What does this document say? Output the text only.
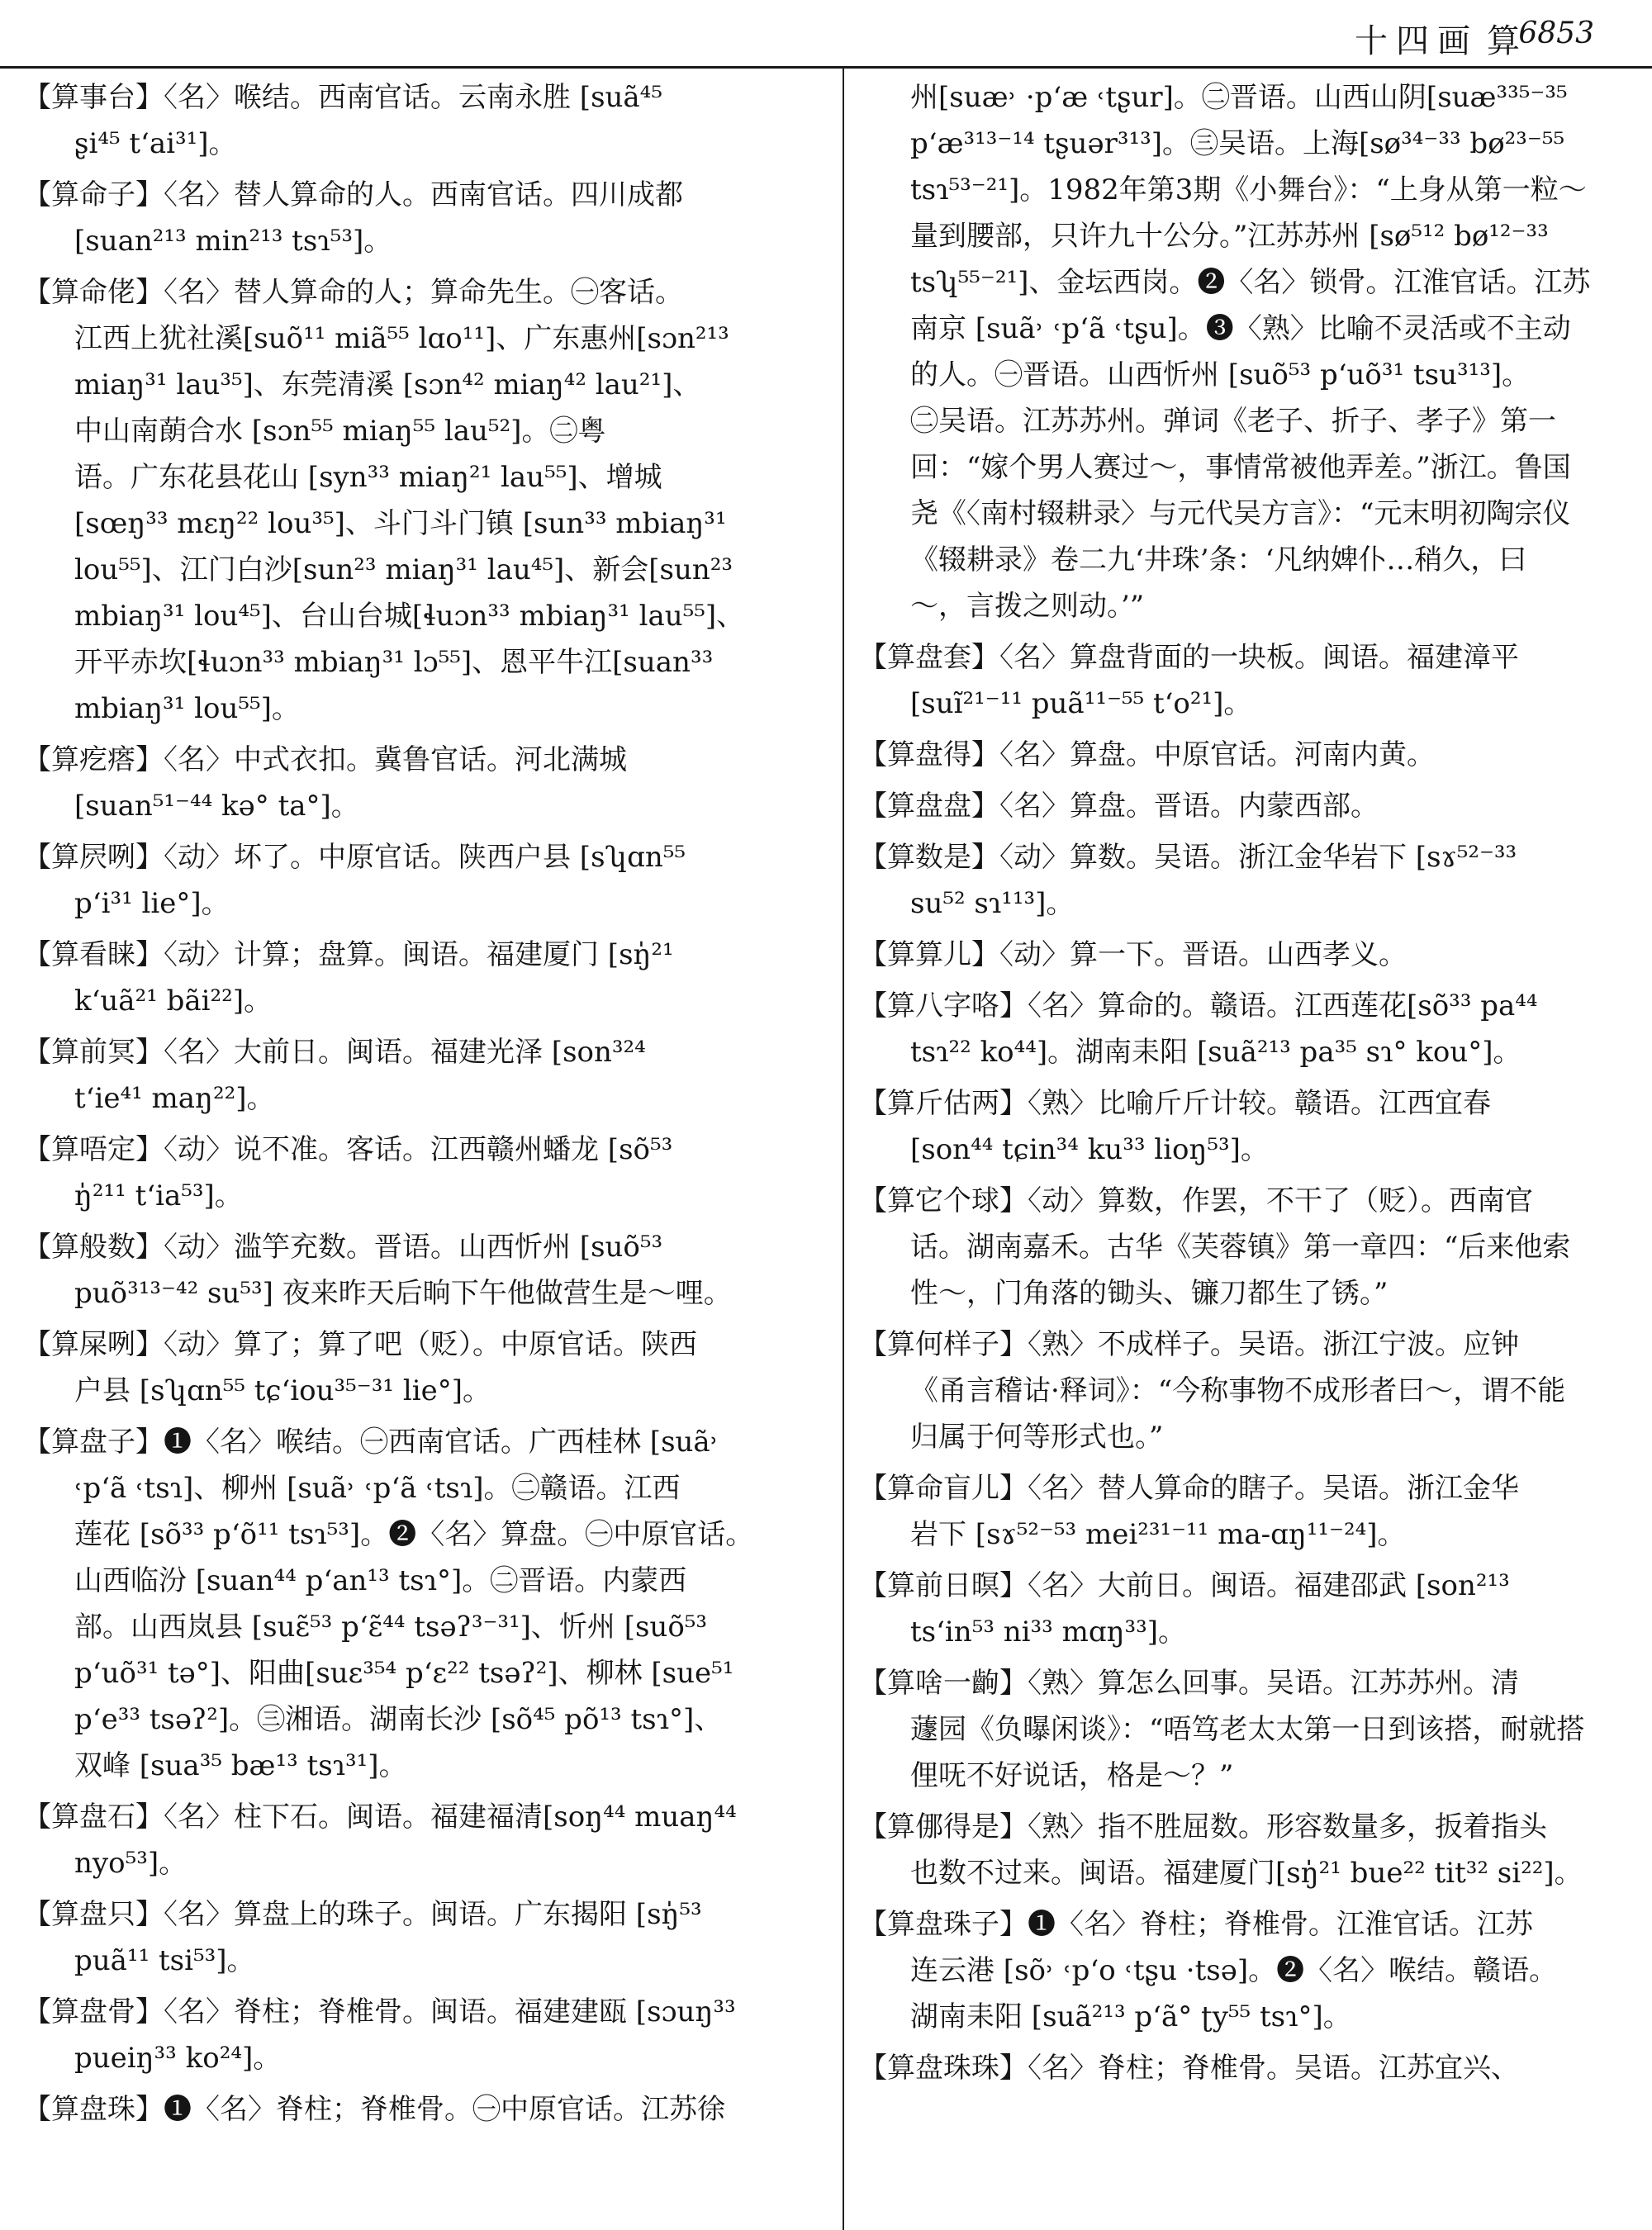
十四画 算
6853
【算事台】〈名〉喉结。西南官话。云南永胜 [suã⁴⁵
ʂi⁴⁵ t‘ai³¹]。
【算命子】〈名〉替人算命的人。西南官话。四川成都
[suan²¹³ min²¹³ tsɿ⁵³]。
【算命佬】〈名〉替人算命的人；算命先生。㊀客话。
江西上犹社溪[suõ¹¹ miã⁵⁵ lɑo¹¹]、广东惠州[sɔn²¹³
miaŋ³¹ lau³⁵]、东莞清溪 [sɔn⁴² miaŋ⁴² lau²¹]、
中山南蓢合水 [sɔn⁵⁵ miaŋ⁵⁵ lau⁵²]。㊁粤
语。广东花县花山 [syn³³ miaŋ²¹ lau⁵⁵]、增城
[sœŋ³³ mɛŋ²² lou³⁵]、斗门斗门镇 [sun³³ mbiaŋ³¹
lou⁵⁵]、江门白沙[sun²³ miaŋ³¹ lau⁴⁵]、新会[sun²³
mbiaŋ³¹ lou⁴⁵]、台山台城[ɬuɔn³³ mbiaŋ³¹ lau⁵⁵]、
开平赤坎[ɬuɔn³³ mbiaŋ³¹ lɔ⁵⁵]、恩平牛江[suan³³
mbiaŋ³¹ lou⁵⁵]。
【算疙瘩】〈名〉中式衣扣。冀鲁官话。河北满城
[suan⁵¹⁻⁴⁴ kə° ta°]。
【算屄咧】〈动〉坏了。中原官话。陕西户县 [sʮɑn⁵⁵
p‘i³¹ lie°]。
【算看睐】〈动〉计算；盘算。闽语。福建厦门 [sŋ̍²¹
k‘uã²¹ bãi²²]。
【算前冥】〈名〉大前日。闽语。福建光泽 [son³²⁴
t‘ie⁴¹ maŋ²²]。
【算唔定】〈动〉说不准。客话。江西赣州蟠龙 [sõ⁵³
ŋ̍²¹¹ t‘ia⁵³]。
【算般数】〈动〉滥竽充数。晋语。山西忻州 [suõ⁵³
puõ³¹³⁻⁴² su⁵³] 夜来昨天后晌下午他做营生是～哩。
【算屎咧】〈动〉算了；算了吧（贬）。中原官话。陕西
户县 [sʮɑn⁵⁵ tɕ‘iou³⁵⁻³¹ lie°]。
【算盘子】❶〈名〉喉结。㊀西南官话。广西桂林 [suã˒
˓p‘ã ˓tsɿ]、柳州 [suã˒ ˓p‘ã ˓tsɿ]。㊁赣语。江西
莲花 [sõ³³ p‘õ¹¹ tsɿ⁵³]。❷〈名〉算盘。㊀中原官话。
山西临汾 [suan⁴⁴ p‘an¹³ tsɿ°]。㊁晋语。内蒙西
部。山西岚县 [suɛ̃⁵³ p‘ɛ̃⁴⁴ tsəʔ³⁻³¹]、忻州 [suõ⁵³
p‘uõ³¹ tə°]、阳曲[suɛ³⁵⁴ p‘ɛ²² tsəʔ²]、柳林 [sue⁵¹
p‘e³³ tsəʔ²]。㊂湘语。湖南长沙 [sõ⁴⁵ põ¹³ tsɿ°]、
双峰 [sua³⁵ bæ¹³ tsɿ³¹]。
【算盘石】〈名〉柱下石。闽语。福建福清[soŋ⁴⁴ muaŋ⁴⁴
nyo⁵³]。
【算盘只】〈名〉算盘上的珠子。闽语。广东揭阳 [sŋ̍⁵³
puã¹¹ tsi⁵³]。
【算盘骨】〈名〉脊柱；脊椎骨。闽语。福建建瓯 [sɔuŋ³³
pueiŋ³³ ko²⁴]。
【算盘珠】❶〈名〉脊柱；脊椎骨。㊀中原官话。江苏徐
州[suæ˒ ·p‘æ ˓tʂur]。㊁晋语。山西山阴[suæ³³⁵⁻³⁵
p‘æ³¹³⁻¹⁴ tʂuər³¹³]。㊂吴语。上海[sø³⁴⁻³³ bø²³⁻⁵⁵
tsɿ⁵³⁻²¹]。1982年第3期《小舞台》：“上身从第一粒～
量到腰部，只许九十公分。”江苏苏州 [sø⁵¹² bø¹²⁻³³
tsʮ⁵⁵⁻²¹]、金坛西岗。❷〈名〉锁骨。江淮官话。江苏
南京 [suã˒ ˓p‘ã ˓tʂu]。❸〈熟〉比喻不灵活或不主动
的人。㊀晋语。山西忻州 [suõ⁵³ p‘uõ³¹ tsu³¹³]。
㊁吴语。江苏苏州。弹词《老子、折子、孝子》第一
回：“嫁个男人赛过～，事情常被他弄差。”浙江。鲁国
尧《〈南村辍耕录〉与元代吴方言》：“元末明初陶宗仪
《辍耕录》卷二九‘井珠’条：‘凡纳婢仆…稍久，曰
～，言拨之则动。’”
【算盘套】〈名〉算盘背面的一块板。闽语。福建漳平
[suĩ²¹⁻¹¹ puã¹¹⁻⁵⁵ t‘o²¹]。
【算盘得】〈名〉算盘。中原官话。河南内黄。
【算盘盘】〈名〉算盘。晋语。内蒙西部。
【算数是】〈动〉算数。吴语。浙江金华岩下 [sɤ⁵²⁻³³
su⁵² sɿ¹¹³]。
【算算儿】〈动〉算一下。晋语。山西孝义。
【算八字咯】〈名〉算命的。赣语。江西莲花[sõ³³ pa⁴⁴
tsɿ²² ko⁴⁴]。湖南耒阳 [suã²¹³ pa³⁵ sɿ° kou°]。
【算斤估两】〈熟〉比喻斤斤计较。赣语。江西宜春
[son⁴⁴ tɕin³⁴ ku³³ lioŋ⁵³]。
【算它个球】〈动〉算数，作罢，不干了（贬）。西南官
话。湖南嘉禾。古华《芙蓉镇》第一章四：“后来他索
性～，门角落的锄头、镰刀都生了锈。”
【算何样子】〈熟〉不成样子。吴语。浙江宁波。应钟
《甬言稽诂·释词》：“今称事物不成形者曰～，谓不能
归属于何等形式也。”
【算命盲儿】〈名〉替人算命的瞎子。吴语。浙江金华
岩下 [sɤ⁵²⁻⁵³ mei²³¹⁻¹¹ ma-ɑŋ¹¹⁻²⁴]。
【算前日暝】〈名〉大前日。闽语。福建邵武 [son²¹³
ts‘in⁵³ ni³³ mɑŋ³³]。
【算啥一齣】〈熟〉算怎么回事。吴语。江苏苏州。清
蘧园《负曝闲谈》：“唔笃老太太第一日到该搭，耐就搭
俚呒不好说话，格是～？”
【算㑚得是】〈熟〉指不胜屈数。形容数量多，扳着指头
也数不过来。闽语。福建厦门[sŋ̍²¹ bue²² tit³² si²²]。
【算盘珠子】❶〈名〉脊柱；脊椎骨。江淮官话。江苏
连云港 [sõ˒ ˓p‘o ˓tʂu ·tsə]。❷〈名〉喉结。赣语。
湖南耒阳 [suã²¹³ p‘ã° ʈy⁵⁵ tsɿ°]。
【算盘珠珠】〈名〉脊柱；脊椎骨。吴语。江苏宜兴、
